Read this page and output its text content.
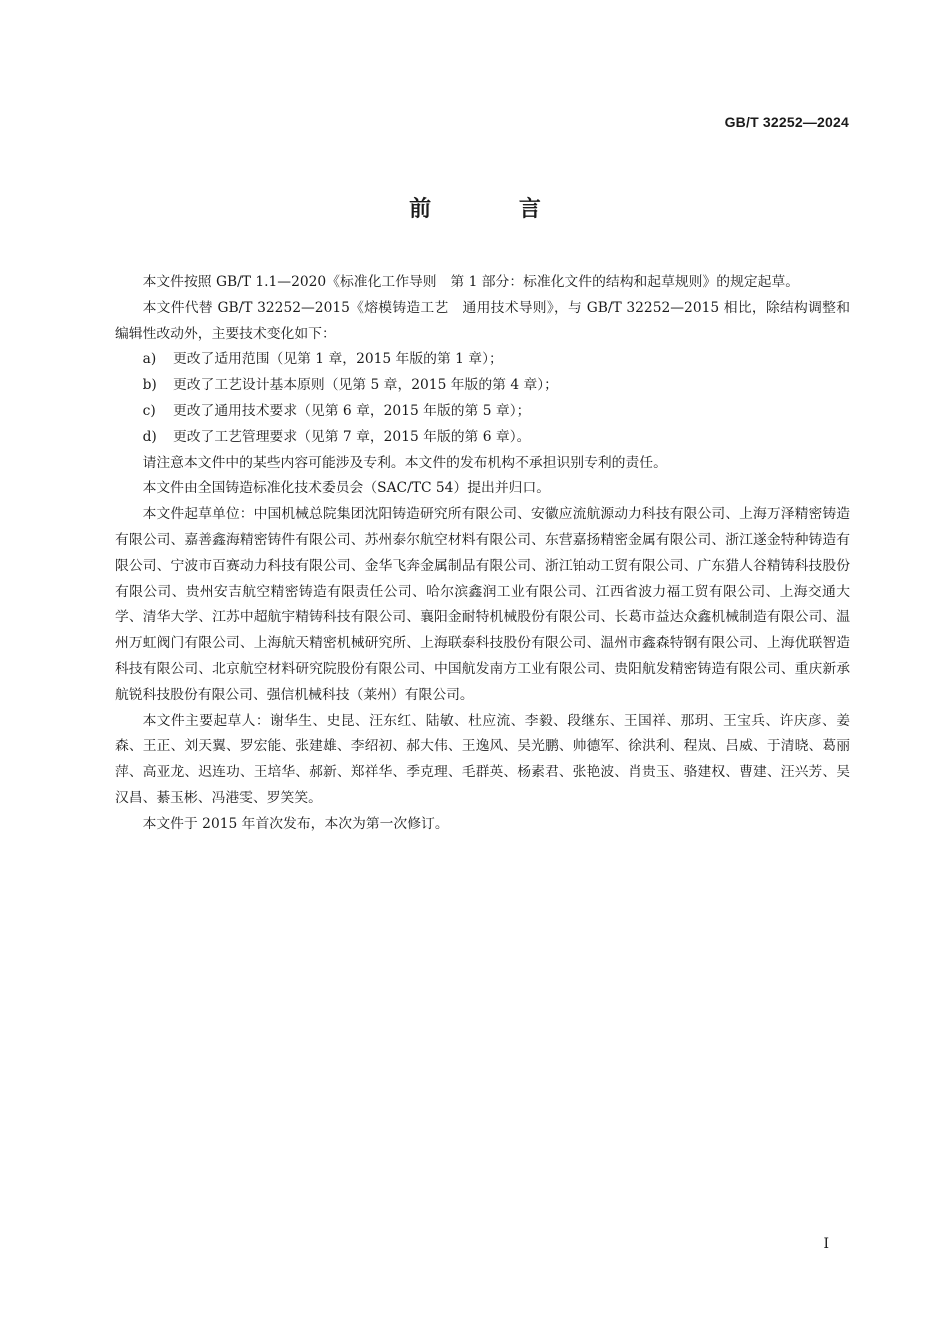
GB/T 32252—2024
前 言

本文件按照 GB/T 1.1—2020《标准化工作导则　第 1 部分：标准化文件的结构和起草规则》的规定起草。

本文件代替 GB/T 32252—2015《熔模铸造工艺　通用技术导则》，与 GB/T 32252—2015 相比，除结构调整和编辑性改动外，主要技术变化如下：

a) 更改了适用范围（见第 1 章，2015 年版的第 1 章）；
b) 更改了工艺设计基本原则（见第 5 章，2015 年版的第 4 章）；
c) 更改了通用技术要求（见第 6 章，2015 年版的第 5 章）；
d) 更改了工艺管理要求（见第 7 章，2015 年版的第 6 章）。

请注意本文件中的某些内容可能涉及专利。本文件的发布机构不承担识别专利的责任。

本文件由全国铸造标准化技术委员会（SAC/TC 54）提出并归口。

本文件起草单位：中国机械总院集团沈阳铸造研究所有限公司、安徽应流航源动力科技有限公司、上海万泽精密铸造有限公司、嘉善鑫海精密铸件有限公司、苏州泰尔航空材料有限公司、东营嘉扬精密金属有限公司、浙江遂金特种铸造有限公司、宁波市百赛动力科技有限公司、金华飞奔金属制品有限公司、浙江铂动工贸有限公司、广东猎人谷精铸科技股份有限公司、贵州安吉航空精密铸造有限责任公司、哈尔滨鑫润工业有限公司、江西省波力福工贸有限公司、上海交通大学、清华大学、江苏中超航宇精铸科技有限公司、襄阳金耐特机械股份有限公司、长葛市益达众鑫机械制造有限公司、温州万虹阀门有限公司、上海航天精密机械研究所、上海联泰科技股份有限公司、温州市鑫森特钢有限公司、上海优联智造科技有限公司、北京航空材料研究院股份有限公司、中国航发南方工业有限公司、贵阳航发精密铸造有限公司、重庆新承航锐科技股份有限公司、强信机械科技（莱州）有限公司。

本文件主要起草人：谢华生、史昆、汪东红、陆敏、杜应流、李毅、段继东、王国祥、那玥、王宝兵、许庆彦、姜森、王正、刘天翼、罗宏能、张建雄、李绍初、郝大伟、王逸风、吴光鹏、帅德军、徐洪利、程岚、吕威、于清晓、葛丽萍、高亚龙、迟连功、王培华、郝新、郑祥华、季克理、毛群英、杨素君、张艳波、肖贵玉、骆建权、曹建、汪兴芳、吴汉昌、綦玉彬、冯港雯、罗笑笑。

本文件于 2015 年首次发布，本次为第一次修订。

I
